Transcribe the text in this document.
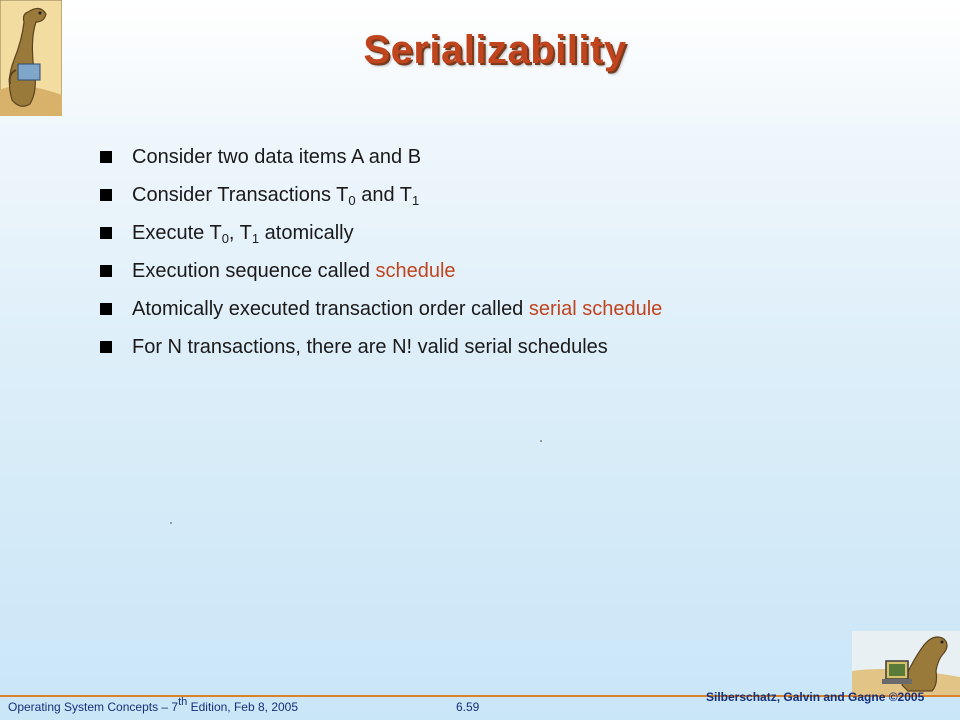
Serializability
Consider two data items A and B
Consider Transactions $T_0$ and $T_1$
Execute $T_0$, $T_1$ atomically
Execution sequence called schedule
Atomically executed transaction order called serial schedule
For N transactions, there are N! valid serial schedules
Operating System Concepts – 7th Edition, Feb 8, 2005	6.59
Silberschatz, Galvin and Gagne ©2005
